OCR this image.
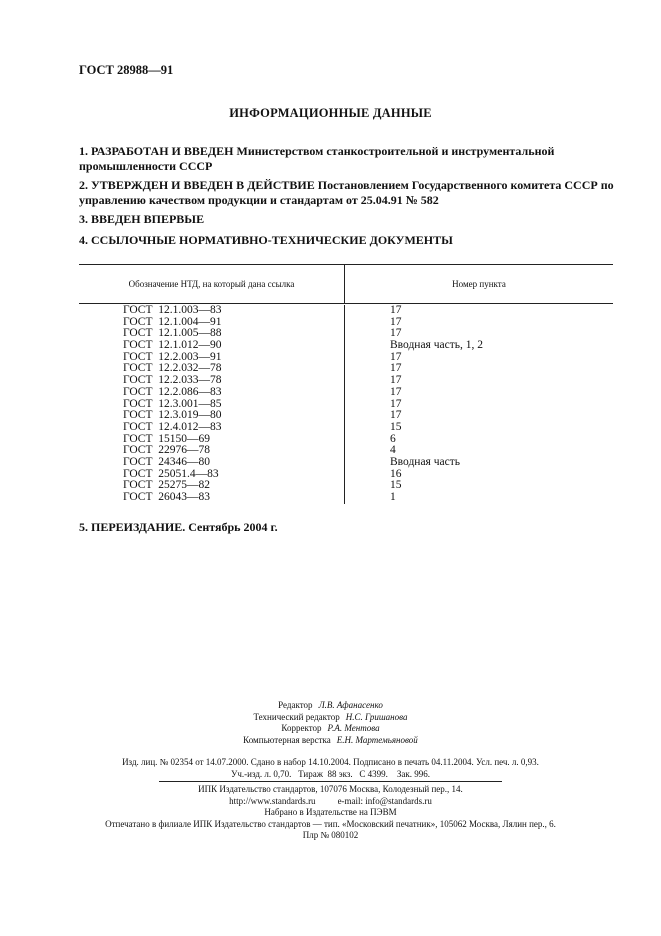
ГОСТ 28988—91
ИНФОРМАЦИОННЫЕ ДАННЫЕ
1. РАЗРАБОТАН И ВВЕДЕН Министерством станкостроительной и инструментальной промышленности СССР
2. УТВЕРЖДЕН И ВВЕДЕН В ДЕЙСТВИЕ Постановлением Государственного комитета СССР по управлению качеством продукции и стандартам от 25.04.91 № 582
3. ВВЕДЕН ВПЕРВЫЕ
4. ССЫЛОЧНЫЕ НОРМАТИВНО-ТЕХНИЧЕСКИЕ ДОКУМЕНТЫ
Обозначение НТД, на который дана ссылка	Номер пункта
ГОСТ  12.1.003—83
ГОСТ  12.1.004—91
ГОСТ  12.1.005—88
ГОСТ  12.1.012—90
ГОСТ  12.2.003—91
ГОСТ  12.2.032—78
ГОСТ  12.2.033—78
ГОСТ  12.2.086—83
ГОСТ  12.3.001—85
ГОСТ  12.3.019—80
ГОСТ  12.4.012—83
ГОСТ  15150—69
ГОСТ  22976—78
ГОСТ  24346—80
ГОСТ  25051.4—83
ГОСТ  25275—82
ГОСТ  26043—83
17
17
17
Вводная часть, 1, 2
17
17
17
17
17
17
15
6
4
Вводная часть
16
15
1
5. ПЕРЕИЗДАНИЕ. Сентябрь 2004 г.
Редактор Л.В. Афанасенко
Технический редактор Н.С. Гришанова
Корректор Р.А. Ментова
Компьютерная верстка Е.Н. Мартемьяновой
Изд. лиц. № 02354 от 14.07.2000. Сдано в набор 14.10.2004. Подписано в печать 04.11.2004. Усл. печ. л. 0,93.
Уч.-изд. л. 0,70.   Тираж  88 экз.   С 4399.    Зак. 996.
ИПК Издательство стандартов, 107076 Москва, Колодезный пер., 14.
http://www.standards.ru e-mail: info@standards.ru
Набрано в Издательстве на ПЭВМ
Отпечатано в филиале ИПК Издательство стандартов — тип. «Московский печатник», 105062 Москва, Лялин пер., 6.
Плр № 080102
